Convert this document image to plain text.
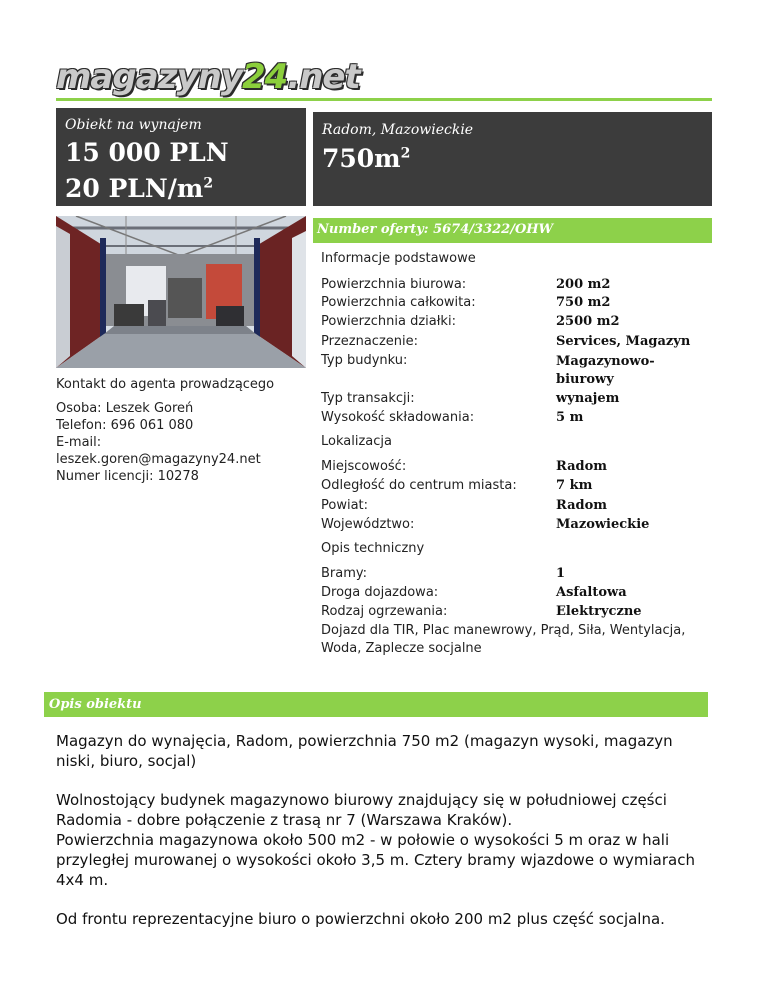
magazyny24.net
Obiekt na wynajem
15 000 PLN
20 PLN/$m^2$
Radom, Mazowieckie
$750m^2$
Number oferty: 5674/3322/OHW
Kontakt do agenta prowadzącego
Osoba: Leszek Goreń
Telefon: 696 061 080
E-mail:
leszek.goren@magazyny24.net
Numer licencji: 10278
Informacje podstawowe
Powierzchnia biurowa:	200 m2
Powierzchnia całkowita:	750 m2
Powierzchnia działki:	2500 m2
Przeznaczenie:	Services, Magazyn
Typ budynku:	Magazynowo-biurowy
Typ transakcji:	wynajem
Wysokość składowania:	5 m
Lokalizacja
Miejscowość:	Radom
Odległość do centrum miasta:	7 km
Powiat:	Radom
Województwo:	Mazowieckie
Opis techniczny
Bramy:	1
Droga dojazdowa:	Asfaltowa
Rodzaj ogrzewania:	Elektryczne
Dojazd dla TIR, Plac manewrowy, Prąd, Siła, Wentylacja, Woda, Zaplecze socjalne
Opis obiektu
Magazyn do wynajęcia, Radom, powierzchnia 750 m2 (magazyn wysoki, magazyn niski, biuro, socjal)
Wolnostojący budynek magazynowo biurowy znajdujący się w południowej części Radomia - dobre połączenie z trasą nr 7 (Warszawa Kraków).
Powierzchnia magazynowa około 500 m2 - w połowie o wysokości 5 m oraz w hali przyległej murowanej o wysokości około 3,5 m. Cztery bramy wjazdowe o wymiarach 4x4 m.
Od frontu reprezentacyjne biuro o powierzchni około 200 m2 plus część socjalna.
